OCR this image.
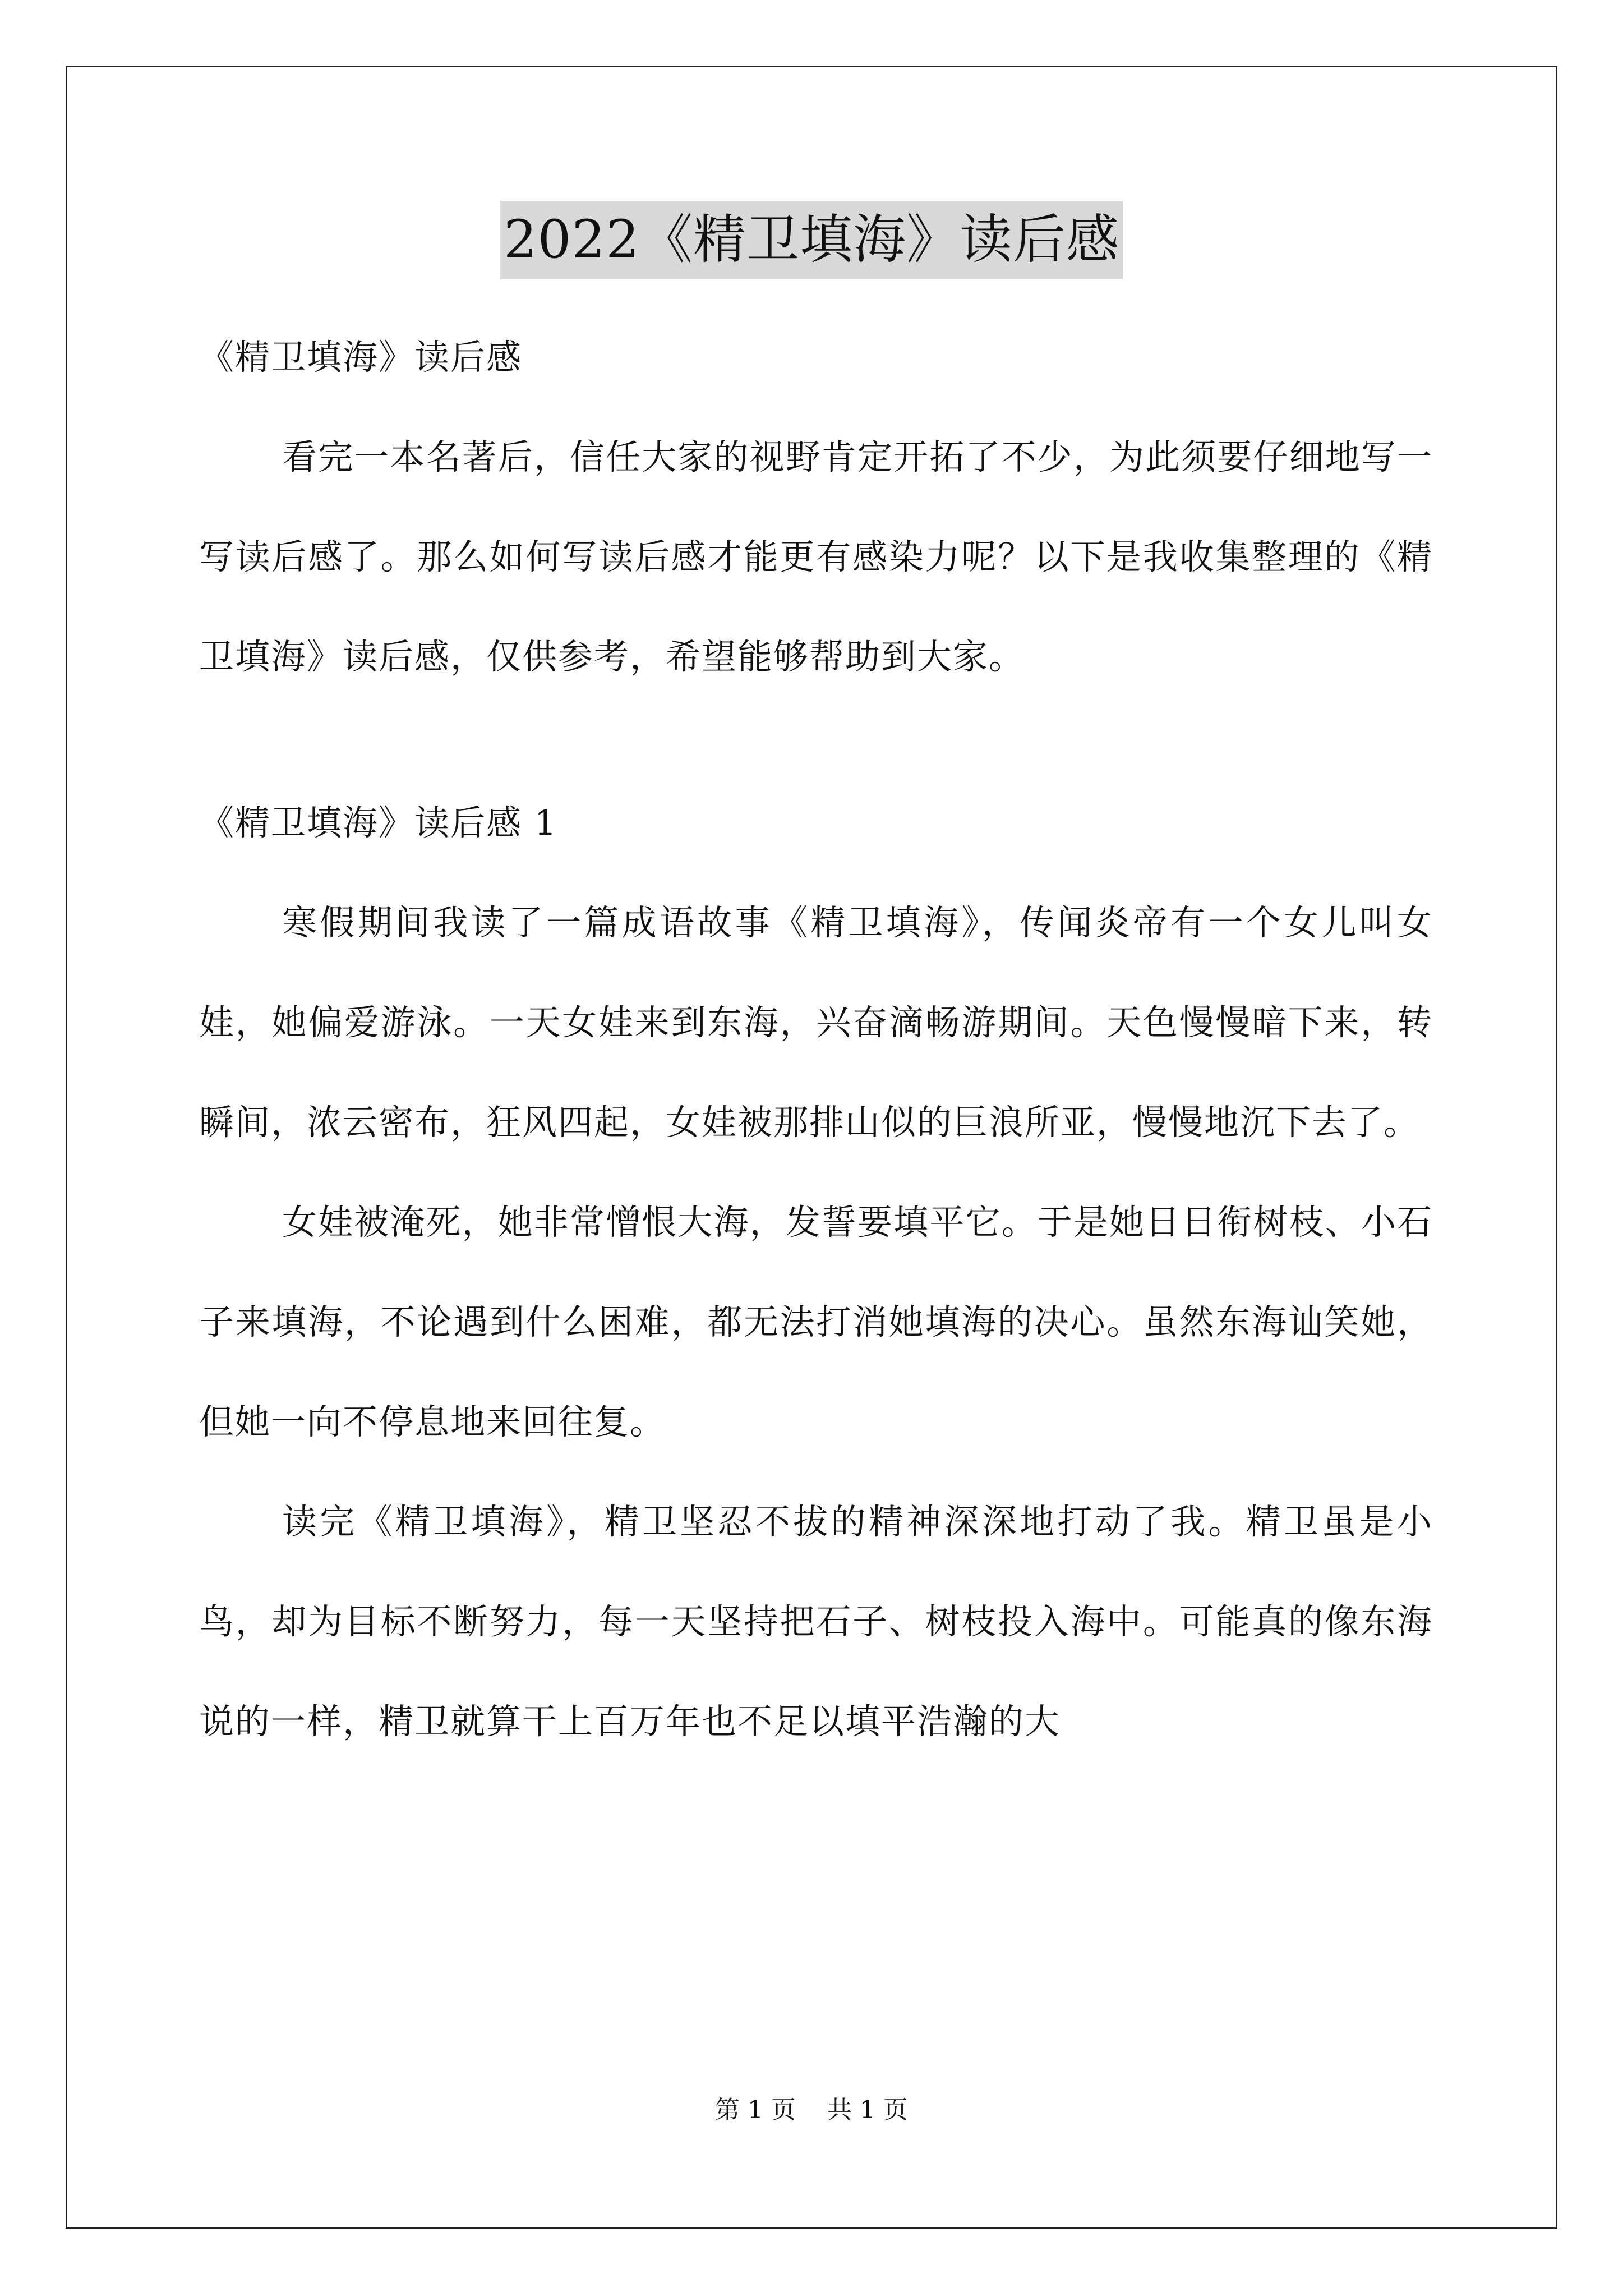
2022《精卫填海》读后感

《精卫填海》读后感

看完一本名著后，信任大家的视野肯定开拓了不少，为此须要仔细地写一写读后感了。那么如何写读后感才能更有感染力呢？以下是我收集整理的《精卫填海》读后感，仅供参考，希望能够帮助到大家。

《精卫填海》读后感 1

寒假期间我读了一篇成语故事《精卫填海》，传闻炎帝有一个女儿叫女娃，她偏爱游泳。一天女娃来到东海，兴奋滴畅游期间。天色慢慢暗下来，转瞬间，浓云密布，狂风四起，女娃被那排山似的巨浪所亚，慢慢地沉下去了。

女娃被淹死，她非常憎恨大海，发誓要填平它。于是她日日衔树枝、小石子来填海，不论遇到什么困难，都无法打消她填海的决心。虽然东海讪笑她，但她一向不停息地来回往复。

读完《精卫填海》，精卫坚忍不拔的精神深深地打动了我。精卫虽是小鸟，却为目标不断努力，每一天坚持把石子、树枝投入海中。可能真的像东海说的一样，精卫就算干上百万年也不足以填平浩瀚的大

第 1 页 共 1 页
